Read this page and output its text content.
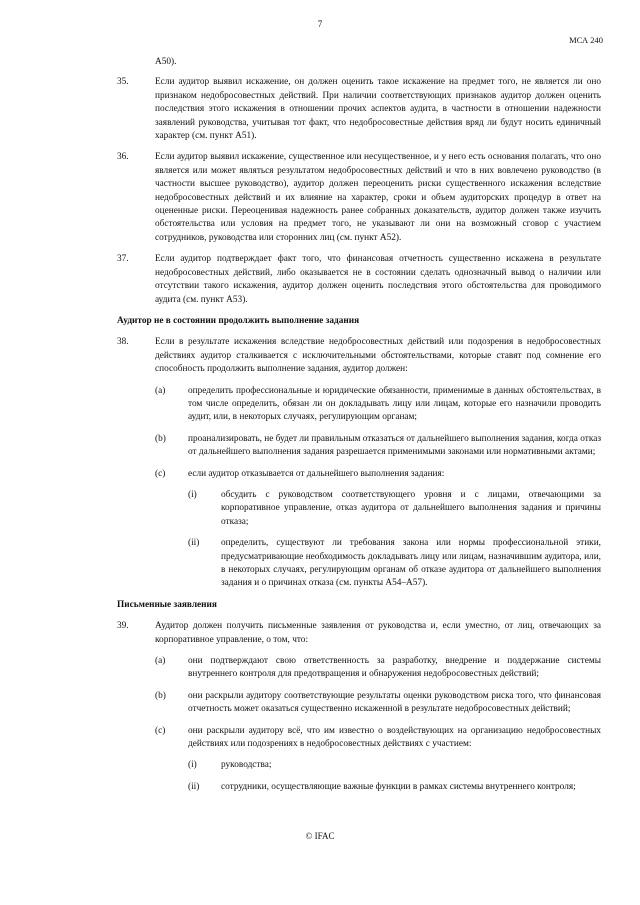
7
МСА 240
А50).
35.	Если аудитор выявил искажение, он должен оценить такое искажение на предмет того, не является ли оно признаком недобросовестных действий. При наличии соответствующих признаков аудитор должен оценить последствия этого искажения в отношении прочих аспектов аудита, в частности в отношении надежности заявлений руководства, учитывая тот факт, что недобросовестные действия вряд ли будут носить единичный характер (см. пункт А51).
36.	Если аудитор выявил искажение, существенное или несущественное, и у него есть основания полагать, что оно является или может являться результатом недобросовестных действий и что в них вовлечено руководство (в частности высшее руководство), аудитор должен переоценить риски существенного искажения вследствие недобросовестных действий и их влияние на характер, сроки и объем аудиторских процедур в ответ на оцененные риски. Переоценивая надежность ранее собранных доказательств, аудитор должен также изучить обстоятельства или условия на предмет того, не указывают ли они на возможный сговор с участием сотрудников, руководства или сторонних лиц (см. пункт А52).
37.	Если аудитор подтверждает факт того, что финансовая отчетность существенно искажена в результате недобросовестных действий, либо оказывается не в состоянии сделать однозначный вывод о наличии или отсутствии такого искажения, аудитор должен оценить последствия этого обстоятельства для проводимого аудита (см. пункт А53).
Аудитор не в состоянии продолжить выполнение задания
38.	Если в результате искажения вследствие недобросовестных действий или подозрения в недобросовестных действиях аудитор сталкивается с исключительными обстоятельствами, которые ставят под сомнение его способность продолжить выполнение задания, аудитор должен:
(a) определить профессиональные и юридические обязанности, применимые в данных обстоятельствах, в том числе определить, обязан ли он докладывать лицу или лицам, которые его назначили проводить аудит, или, в некоторых случаях, регулирующим органам;
(b) проанализировать, не будет ли правильным отказаться от дальнейшего выполнения задания, когда отказ от дальнейшего выполнения задания разрешается применимыми законами или нормативными актами;
(c) если аудитор отказывается от дальнейшего выполнения задания:
(i)	обсудить с руководством соответствующего уровня и с лицами, отвечающими за корпоративное управление, отказ аудитора от дальнейшего выполнения задания и причины отказа;
(ii) определить, существуют ли требования закона или нормы профессиональной этики, предусматривающие необходимость докладывать лицу или лицам, назначившим аудитора, или, в некоторых случаях, регулирующим органам об отказе аудитора от дальнейшего выполнения задания и о причинах отказа (см. пункты А54–А57).
Письменные заявления
39.	Аудитор должен получить письменные заявления от руководства и, если уместно, от лиц, отвечающих за корпоративное управление, о том, что:
(a) они подтверждают свою ответственность за разработку, внедрение и поддержание системы внутреннего контроля для предотвращения и обнаружения недобросовестных действий;
(b) они раскрыли аудитору соответствующие результаты оценки руководством риска того, что финансовая отчетность может оказаться существенно искаженной в результате недобросовестных действий;
(c) они раскрыли аудитору всё, что им известно о воздействующих на организацию недобросовестных действиях или подозрениях в недобросовестных действиях с участием:
(i)	руководства;
(ii) сотрудники, осуществляющие важные функции в рамках системы внутреннего контроля;
© IFAC
